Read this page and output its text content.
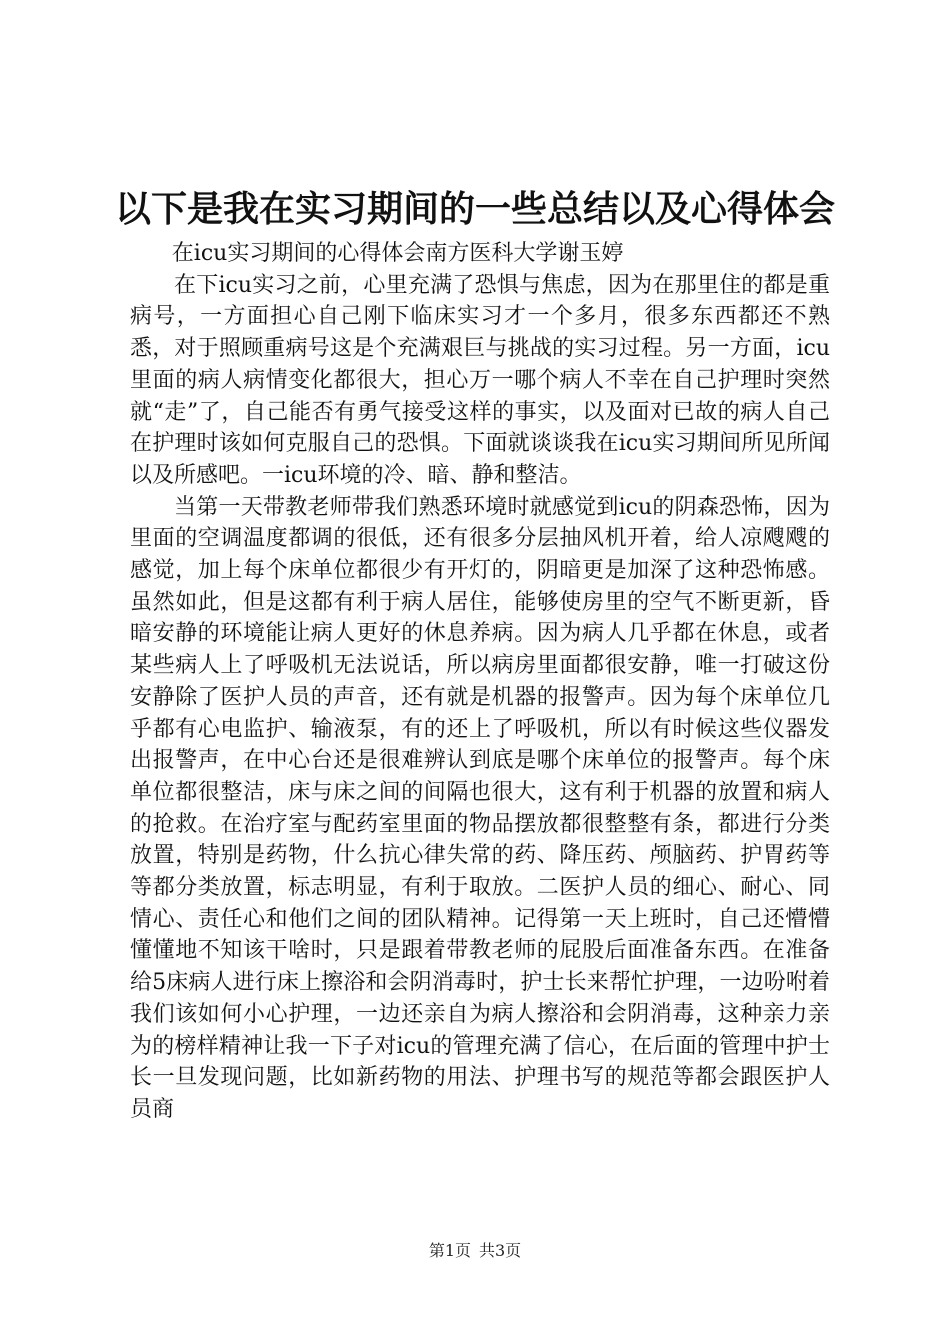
以下是我在实习期间的一些总结以及心得体会

在icu实习期间的心得体会南方医科大学谢玉婷

在下icu实习之前，心里充满了恐惧与焦虑，因为在那里住的都是重病号，一方面担心自己刚下临床实习才一个多月，很多东西都还不熟悉，对于照顾重病号这是个充满艰巨与挑战的实习过程。另一方面，icu里面的病人病情变化都很大，担心万一哪个病人不幸在自己护理时突然就“走”了，自己能否有勇气接受这样的事实，以及面对已故的病人自己在护理时该如何克服自己的恐惧。下面就谈谈我在icu实习期间所见所闻以及所感吧。一icu环境的冷、暗、静和整洁。

当第一天带教老师带我们熟悉环境时就感觉到icu的阴森恐怖，因为里面的空调温度都调的很低，还有很多分层抽风机开着，给人凉飕飕的感觉，加上每个床单位都很少有开灯的，阴暗更是加深了这种恐怖感。虽然如此，但是这都有利于病人居住，能够使房里的空气不断更新，昏暗安静的环境能让病人更好的休息养病。因为病人几乎都在休息，或者某些病人上了呼吸机无法说话，所以病房里面都很安静，唯一打破这份安静除了医护人员的声音，还有就是机器的报警声。因为每个床单位几乎都有心电监护、输液泵，有的还上了呼吸机，所以有时候这些仪器发出报警声，在中心台还是很难辨认到底是哪个床单位的报警声。每个床单位都很整洁，床与床之间的间隔也很大，这有利于机器的放置和病人的抢救。在治疗室与配药室里面的物品摆放都很整整有条，都进行分类放置，特别是药物，什么抗心律失常的药、降压药、颅脑药、护胃药等等都分类放置，标志明显，有利于取放。二医护人员的细心、耐心、同情心、责任心和他们之间的团队精神。记得第一天上班时，自己还懵懵懂懂地不知该干啥时，只是跟着带教老师的屁股后面准备东西。在准备给5床病人进行床上擦浴和会阴消毒时，护士长来帮忙护理，一边吩咐着我们该如何小心护理，一边还亲自为病人擦浴和会阴消毒，这种亲力亲为的榜样精神让我一下子对icu的管理充满了信心，在后面的管理中护士长一旦发现问题，比如新药物的用法、护理书写的规范等都会跟医护人员商

第1页 共3页
